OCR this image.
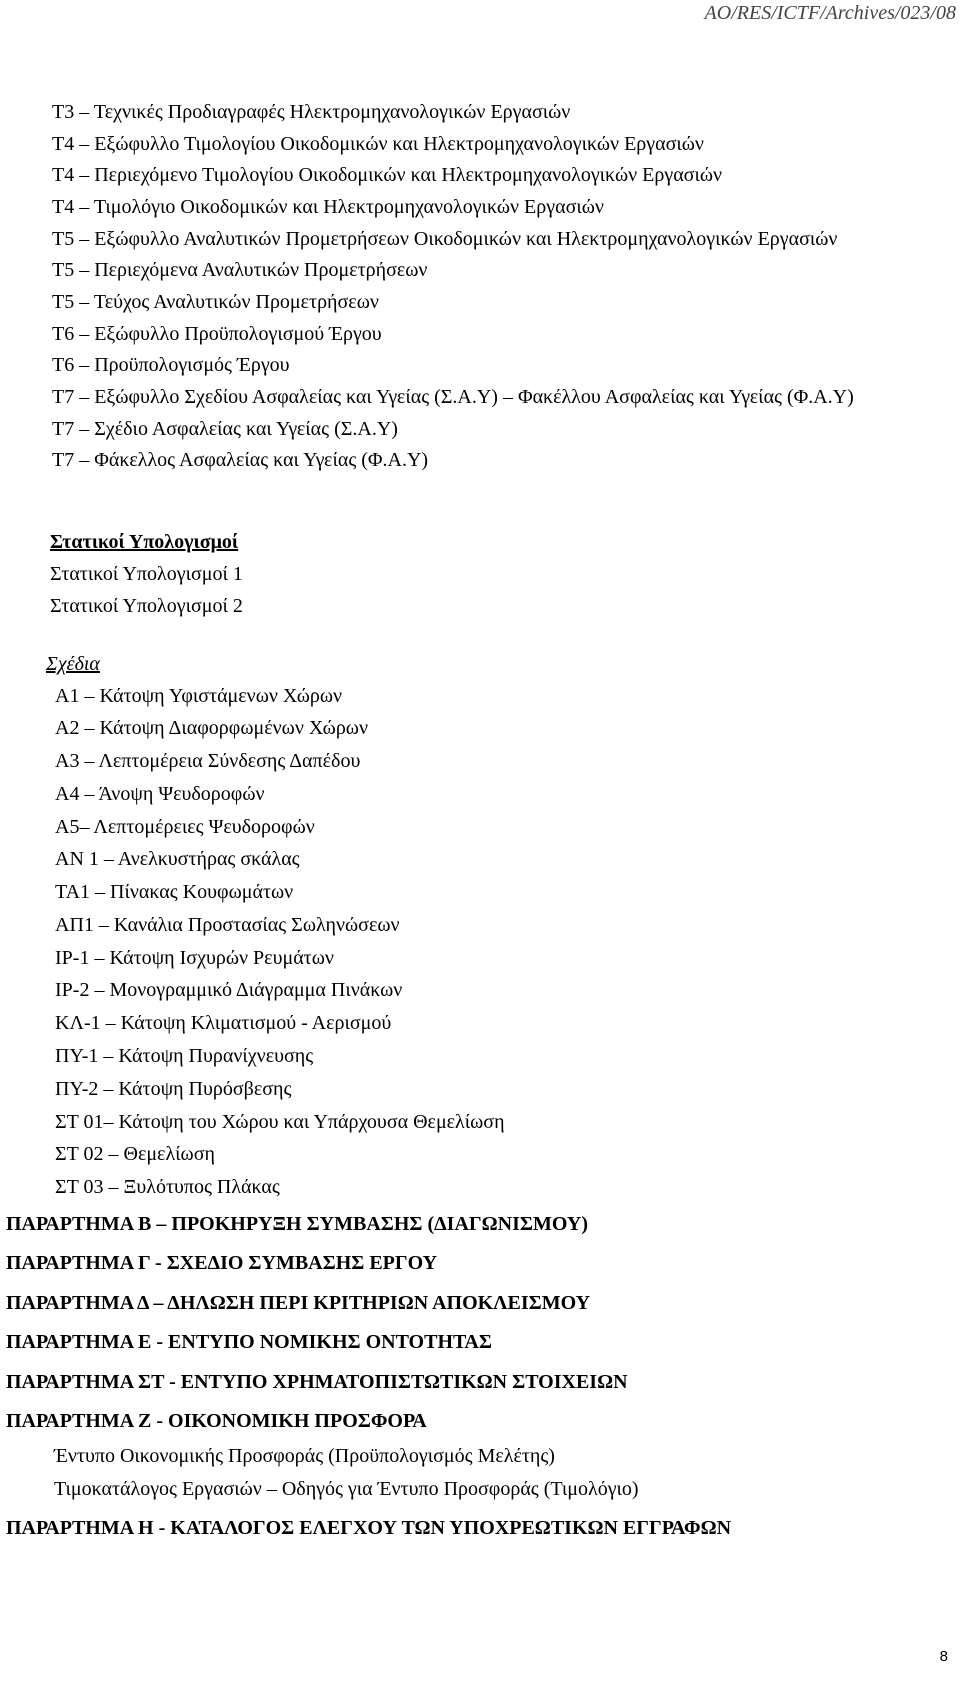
AO/RES/ICTF/Archives/023/08
Τ3 – Τεχνικές Προδιαγραφές Ηλεκτρομηχανολογικών Εργασιών
Τ4 – Εξώφυλλο Τιμολογίου Οικοδομικών και Ηλεκτρομηχανολογικών Εργασιών
Τ4 – Περιεχόμενο Τιμολογίου Οικοδομικών και Ηλεκτρομηχανολογικών Εργασιών
Τ4 – Τιμολόγιο Οικοδομικών και Ηλεκτρομηχανολογικών Εργασιών
Τ5 – Εξώφυλλο Αναλυτικών Προμετρήσεων Οικοδομικών και Ηλεκτρομηχανολογικών Εργασιών
Τ5 – Περιεχόμενα Αναλυτικών Προμετρήσεων
Τ5 – Τεύχος Αναλυτικών Προμετρήσεων
Τ6 – Εξώφυλλο Προϋπολογισμού Έργου
Τ6 – Προϋπολογισμός Έργου
Τ7 – Εξώφυλλο Σχεδίου Ασφαλείας και Υγείας (Σ.Α.Υ) – Φακέλλου Ασφαλείας και Υγείας (Φ.Α.Υ)
Τ7 – Σχέδιο Ασφαλείας και Υγείας (Σ.Α.Υ)
Τ7 – Φάκελλος Ασφαλείας και Υγείας (Φ.Α.Υ)
Στατικοί Υπολογισμοί
Στατικοί Υπολογισμοί 1
Στατικοί Υπολογισμοί 2
Σχέδια
Α1 – Κάτοψη Υφιστάμενων Χώρων
Α2 – Κάτοψη Διαφορφωμένων Χώρων
Α3 – Λεπτομέρεια Σύνδεσης Δαπέδου
Α4 – Άνοψη Ψευδοροφών
Α5– Λεπτομέρειες Ψευδοροφών
ΑΝ 1 – Ανελκυστήρας σκάλας
ΤΑ1 – Πίνακας Κουφωμάτων
ΑΠ1 – Κανάλια Προστασίας Σωληνώσεων
ΙΡ-1 – Κάτοψη Ισχυρών Ρευμάτων
ΙΡ-2 – Μονογραμμικό Διάγραμμα Πινάκων
ΚΛ-1 – Κάτοψη Κλιματισμού - Αερισμού
ΠΥ-1 – Κάτοψη Πυρανίχνευσης
ΠΥ-2 – Κάτοψη Πυρόσβεσης
ΣΤ 01– Κάτοψη του Χώρου και Υπάρχουσα Θεμελίωση
ΣΤ 02 – Θεμελίωση
ΣΤ 03 – Ξυλότυπος Πλάκας
ΠΑΡΑΡΤΗΜΑ Β – ΠΡΟΚΗΡΥΞΗ ΣΥΜΒΑΣΗΣ (ΔΙΑΓΩΝΙΣΜΟΥ)
ΠΑΡΑΡΤΗΜΑ Γ - ΣΧΕΔΙΟ ΣΥΜΒΑΣΗΣ ΕΡΓΟΥ
ΠΑΡΑΡΤΗΜΑ Δ – ΔΗΛΩΣΗ ΠΕΡΙ ΚΡΙΤΗΡΙΩΝ ΑΠΟΚΛΕΙΣΜΟΥ
ΠΑΡΑΡΤΗΜΑ Ε - ΕΝΤΥΠΟ ΝΟΜΙΚΗΣ ΟΝΤΟΤΗΤΑΣ
ΠΑΡΑΡΤΗΜΑ ΣΤ - ΕΝΤΥΠΟ ΧΡΗΜΑΤΟΠΙΣΤΩΤΙΚΩΝ ΣΤΟΙΧΕΙΩΝ
ΠΑΡΑΡΤΗΜΑ Ζ - ΟΙΚΟΝΟΜΙΚΗ ΠΡΟΣΦΟΡΑ
Έντυπο Οικονομικής Προσφοράς (Προϋπολογισμός Μελέτης)
Τιμοκατάλογος Εργασιών – Οδηγός για Έντυπο Προσφοράς (Τιμολόγιο)
ΠΑΡΑΡΤΗΜΑ Η - ΚΑΤΑΛΟΓΟΣ ΕΛΕΓΧΟΥ ΤΩΝ ΥΠΟΧΡΕΩΤΙΚΩΝ ΕΓΓΡΑΦΩΝ
8
